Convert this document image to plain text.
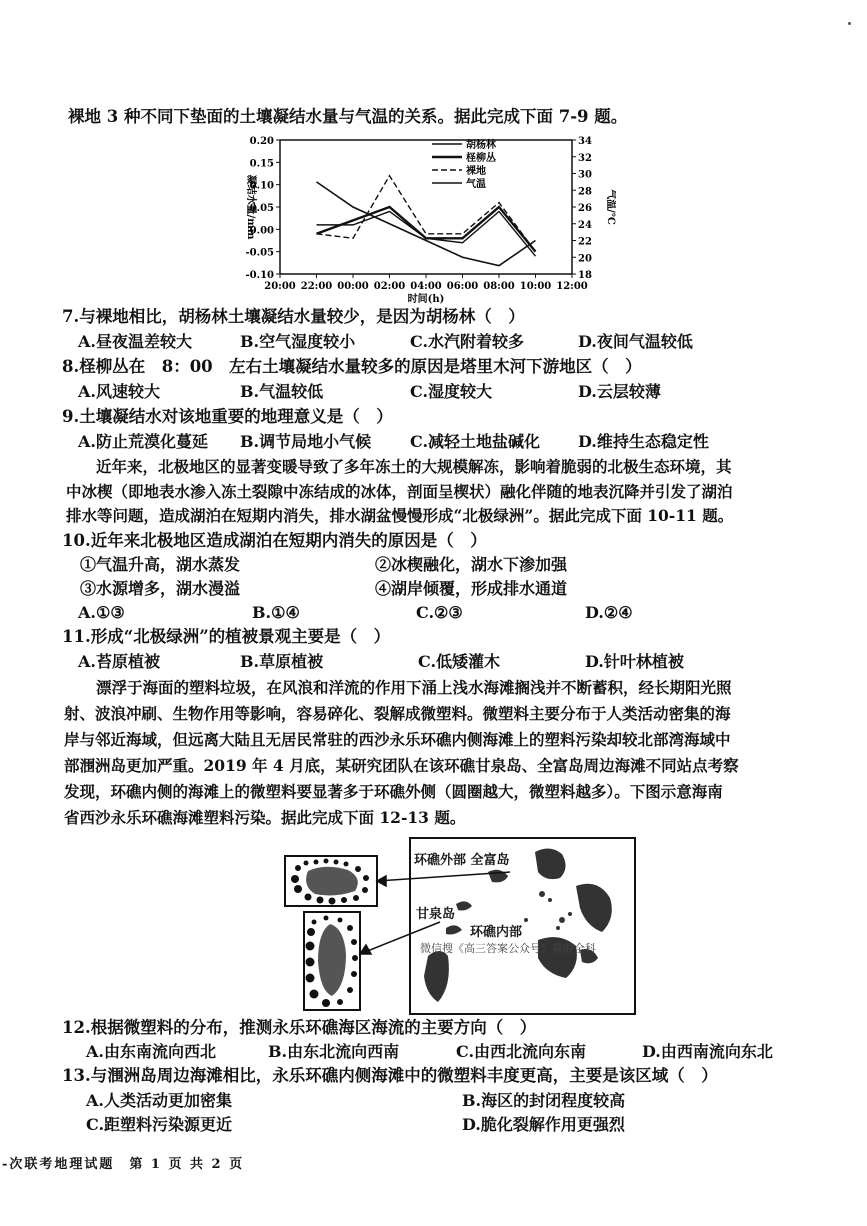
裸地 3 种不同下垫面的土壤凝结水量与气温的关系。据此完成下面 7-9 题。
0.20
0.15
0.10
0.05
0.00
-0.05
-0.10
34
32
30
28
26
24
22
20
18
20:00 22:00 00:00 02:00 04:00 06:00 08:00 10:00 12:00
时间(h)
凝结水量/mm	气温/℃
胡杨林
柽柳丛
裸地
气温
7.与裸地相比，胡杨林土壤凝结水量较少，是因为胡杨林（　）
A.昼夜温差较大	B.空气湿度较小	C.水汽附着较多	D.夜间气温较低
8.柽柳丛在　8：00　左右土壤凝结水量较多的原因是塔里木河下游地区（　）
A.风速较大	B.气温较低	C.湿度较大	D.云层较薄
9.土壤凝结水对该地重要的地理意义是（　）
A.防止荒漠化蔓延 B.调节局地小气候 C.减轻土地盐碱化 D.维持生态稳定性
近年来，北极地区的显著变暖导致了多年冻土的大规模解冻，影响着脆弱的北极生态环境，其
中冰楔（即地表水渗入冻土裂隙中冻结成的冰体，剖面呈楔状）融化伴随的地表沉降并引发了湖泊
排水等问题，造成湖泊在短期内消失，排水湖盆慢慢形成“北极绿洲”。据此完成下面 10-11 题。
10.近年来北极地区造成湖泊在短期内消失的原因是（　）
①气温升高，湖水蒸发	②冰楔融化，湖水下渗加强
③水源增多，湖水漫溢	④湖岸倾覆，形成排水通道
A.①③	B.①④	C.②③	D.②④
11.形成“北极绿洲”的植被景观主要是（　）
A.苔原植被	B.草原植被	C.低矮灌木	D.针叶林植被
漂浮于海面的塑料垃圾，在风浪和洋流的作用下涌上浅水海滩搁浅并不断蓄积，经长期阳光照
射、波浪冲刷、生物作用等影响，容易碎化、裂解成微塑料。微塑料主要分布于人类活动密集的海
岸与邻近海域，但远离大陆且无居民常驻的西沙永乐环礁内侧海滩上的塑料污染却较北部湾海域中
部涠洲岛更加严重。2019 年 4 月底，某研究团队在该环礁甘泉岛、全富岛周边海滩不同站点考察
发现，环礁内侧的海滩上的微塑料要显著多于环礁外侧（圆圈越大，微塑料越多）。下图示意海南
省西沙永乐环礁海滩塑料污染。据此完成下面 12-13 题。
环礁外部 全富岛
甘泉岛
环礁内部
微信搜《高三答案公众号》获取全科
12.根据微塑料的分布，推测永乐环礁海区海流的主要方向（　）
A.由东南流向西北	B.由东北流向西南	C.由西北流向东南	D.由西南流向东北
13.与涠洲岛周边海滩相比，永乐环礁内侧海滩中的微塑料丰度更高，主要是该区域（　）
A.人类活动更加密集	B.海区的封闭程度较高
C.距塑料污染源更近	D.脆化裂解作用更强烈
-次联考地理试题　第 1 页 共 2 页
